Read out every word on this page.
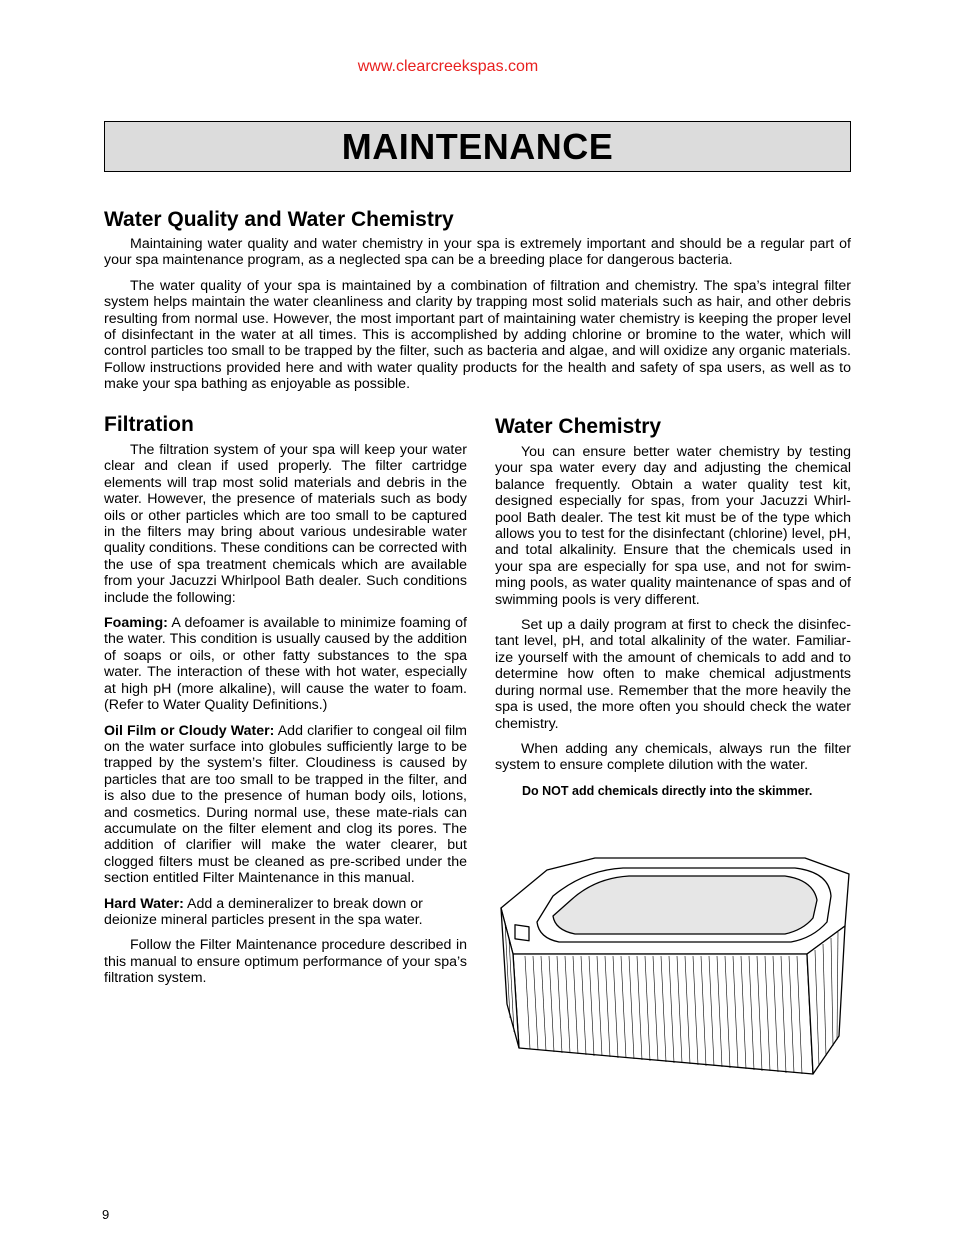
www.clearcreekspas.com
MAINTENANCE
Water Quality and Water Chemistry

Maintaining water quality and water chemistry in your spa is extremely important and should be a regular part of your spa maintenance program, as a neglected spa can be a breeding place for dangerous bacteria.

The water quality of your spa is maintained by a combination of filtration and chemistry. The spa’s integral filter system helps maintain the water cleanliness and clarity by trapping most solid materials such as hair, and other debris resulting from normal use. However, the most important part of maintaining water chemistry is keeping the proper level of disinfectant in the water at all times. This is accomplished by adding chlorine or bromine to the water, which will control particles too small to be trapped by the filter, such as bacteria and algae, and will oxidize any organic materials. Follow instructions provided here and with water quality products for the health and safety of spa users, as well as to make your spa bathing as enjoyable as possible.

Filtration

The filtration system of your spa will keep your water clear and clean if used properly. The filter cartridge elements will trap most solid materials and debris in the water. However, the presence of materials such as body oils or other particles which are too small to be captured in the filters may bring about various undesirable water quality conditions. These conditions can be corrected with the use of spa treatment chemicals which are available from your Jacuzzi Whirlpool Bath dealer. Such conditions include the following:

Foaming: A defoamer is available to minimize foaming of the water. This condition is usually caused by the addition of soaps or oils, or other fatty substances to the spa water. The interaction of these with hot water, especially at high pH (more alkaline), will cause the water to foam. (Refer to Water Quality Definitions.)

Oil Film or Cloudy Water: Add clarifier to congeal oil film on the water surface into globules sufficiently large to be trapped by the system’s filter. Cloudiness is caused by particles that are too small to be trapped in the filter, and is also due to the presence of human body oils, lotions, and cosmetics. During normal use, these mate-rials can accumulate on the filter element and clog its pores. The addition of clarifier will make the water clearer, but clogged filters must be cleaned as pre-scribed under the section entitled Filter Maintenance in this manual.

Hard Water: Add a demineralizer to break down or deionize mineral particles present in the spa water.

Follow the Filter Maintenance procedure described in this manual to ensure optimum performance of your spa’s filtration system.

Water Chemistry

You can ensure better water chemistry by testing your spa water every day and adjusting the chemical balance frequently. Obtain a water quality test kit, designed especially for spas, from your Jacuzzi Whirl-pool Bath dealer. The test kit must be of the type which allows you to test for the disinfectant (chlorine) level, pH, and total alkalinity. Ensure that the chemicals used in your spa are especially for spa use, and not for swim-ming pools, as water quality maintenance of spas and of swimming pools is very different.

Set up a daily program at first to check the disinfec-tant level, pH, and total alkalinity of the water. Familiar-ize yourself with the amount of chemicals to add and to determine how often to make chemical adjustments during normal use. Remember that the more heavily the spa is used, the more often you should check the water chemistry.

When adding any chemicals, always run the filter system to ensure complete dilution with the water.

Do NOT add chemicals directly into the skimmer.

9
